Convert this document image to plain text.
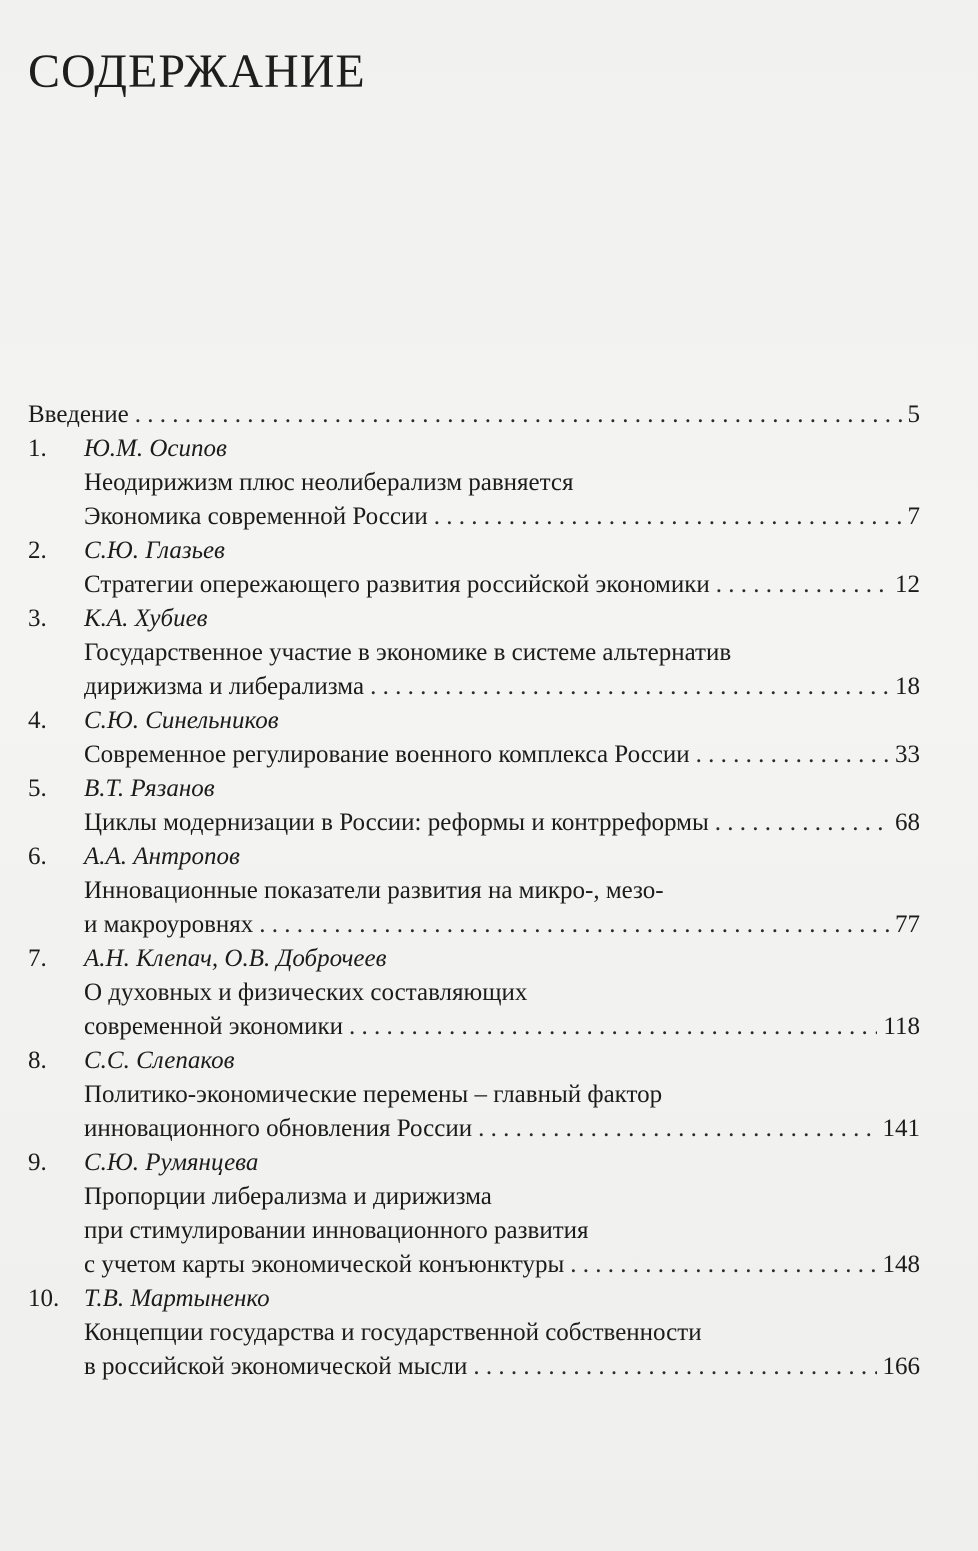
СОДЕРЖАНИЕ
Введение . . .	5
1.	Ю.М. Осипов
Неодирижизм плюс неолиберализм равняется
Экономика современной России . . .	7
2.	С.Ю. Глазьев
Стратегии опережающего развития российской экономики . . .	12
3.	К.А. Хубиев
Государственное участие в экономике в системе альтернатив
дирижизма и либерализма . . .	18
4.	С.Ю. Синельников
Современное регулирование военного комплекса России . . .	33
5.	В.Т. Рязанов
Циклы модернизации в России: реформы и контрреформы . . .	68
6.	А.А. Антропов
Инновационные показатели развития на микро-, мезо-
и макроуровнях . . .	77
7.	А.Н. Клепач, О.В. Доброчеев
О духовных и физических составляющих
современной экономики . . .	118
8.	С.С. Слепаков
Политико-экономические перемены – главный фактор
инновационного обновления России . . .	141
9.	С.Ю. Румянцева
Пропорции либерализма и дирижизма
при стимулировании инновационного развития
с учетом карты экономической конъюнктуры . . .	148
10. Т.В. Мартыненко
Концепции государства и государственной собственности
в российской экономической мысли . . .	166
